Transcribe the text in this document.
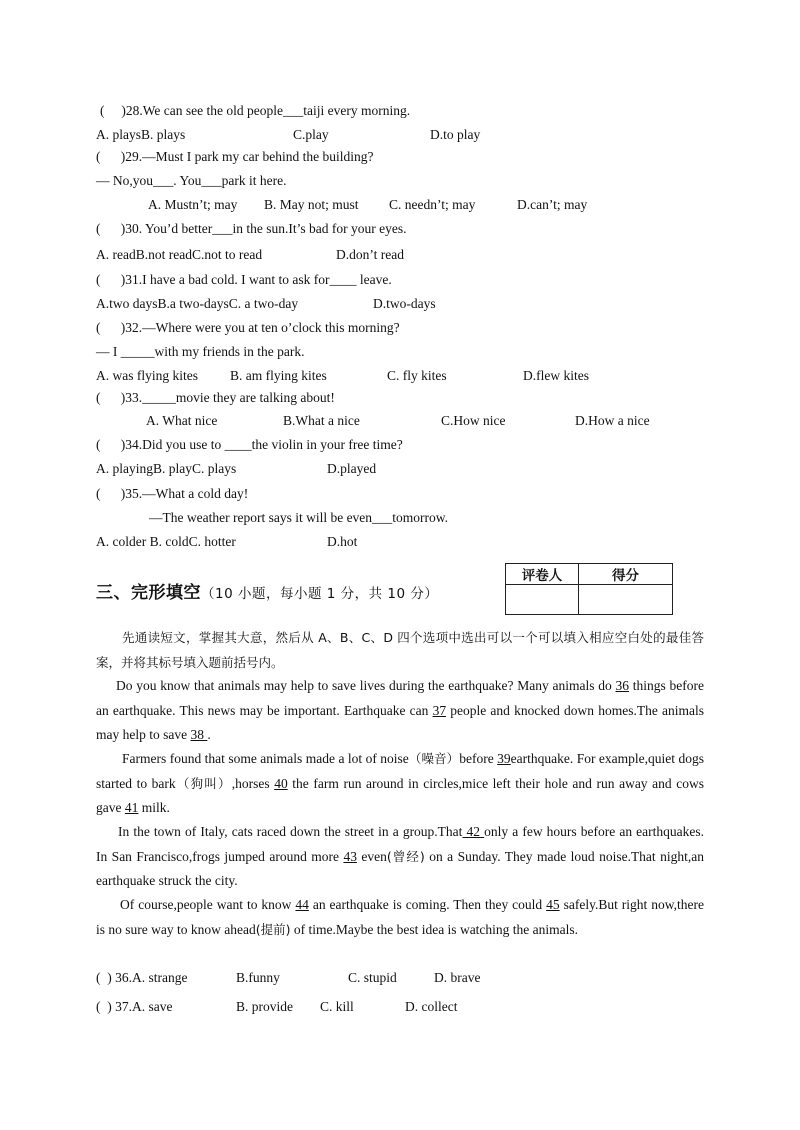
(     )28.We can see the old people___taiji every morning.
A. playsB. plays	C.play	D.to play
(      )29.—Must I park my car behind the building?
— No,you___. You___park it here.
A. Mustn’t; may B. May not; must C. needn’t; may	D.can’t; may
(      )30. You’d better___in the sun.It’s bad for your eyes.
A. readB.not readC.not to read	D.don’t read
(      )31.I have a bad cold. I want to ask for____ leave.
A.two daysB.a two-daysC. a two-day	D.two-days
(      )32.—Where were you at ten o’clock this morning?
— I _____with my friends in the park.
A. was flying kites B. am flying kites	C. fly kites	D.flew kites
(      )33._____movie they are talking about!
A. What nice	B.What a nice	C.How nice	D.How a nice
(      )34.Did you use to ____the violin in your free time?
A. playingB. playC. plays	D.played
(      )35.—What a cold day!
—The weather report says it will be even___tomorrow.
A. colder B. coldC. hotter	D.hot
三、完形填空（10 小题，每小题 1 分，共 10 分）
评卷人	得分

先通读短文，掌握其大意，然后从 A、B、C、D 四个选项中选出可以一个可以填入相应空白处的最佳答案，并将其标号填入题前括号内。
Do you know that animals may help to save lives during the earthquake? Many animals do 36 things before an earthquake. This news may be important. Earthquake can 37 people and knocked down homes.The animals may help to save 38 .
Farmers found that some animals made a lot of noise（噪音）before 39earthquake. For example,quiet dogs started to bark（狗叫）,horses 40 the farm run around in circles,mice left their hole and run away and cows gave 41 milk.
In the town of Italy, cats raced down the street in a group.That 42 only a few hours before an earthquakes. In San Francisco,frogs jumped around more 43 even(曾经) on a Sunday. They made loud noise.That night,an earthquake struck the city.
Of course,people want to know 44 an earthquake is coming. Then they could 45 safely.But right now,there is no sure way to know ahead(提前) of time.Maybe the best idea is watching the animals.
(  ) 36.A. strange	B.funny	C. stupid	D. brave
(  ) 37.A. save	B. provide C. kill	D. collect
